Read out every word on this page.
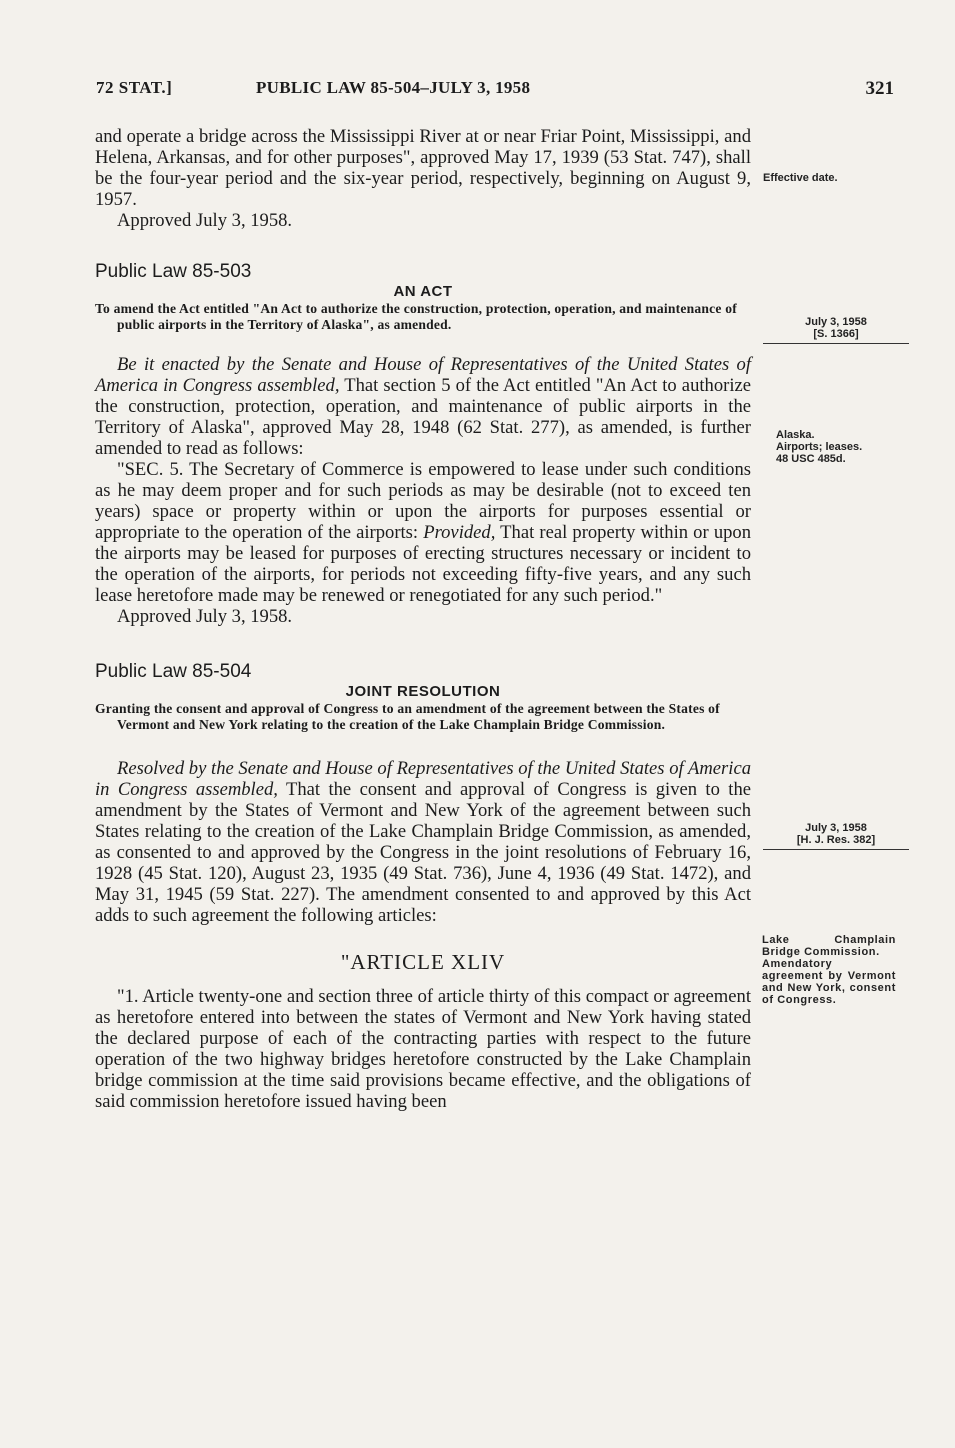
72 STAT.]	PUBLIC LAW 85-504–JULY 3, 1958	321

and operate a bridge across the Mississippi River at or near Friar Point, Mississippi, and Helena, Arkansas, and for other purposes", approved May 17, 1939 (53 Stat. 747), shall be the four-year period and the six-year period, respectively, beginning on August 9, 1957.

Approved July 3, 1958.

Public Law 85-503

AN ACT

To amend the Act entitled "An Act to authorize the construction, protection, operation, and maintenance of public airports in the Territory of Alaska", as amended.

Be it enacted by the Senate and House of Representatives of the United States of America in Congress assembled, That section 5 of the Act entitled "An Act to authorize the construction, protection, operation, and maintenance of public airports in the Territory of Alaska", approved May 28, 1948 (62 Stat. 277), as amended, is further amended to read as follows:

"SEC. 5. The Secretary of Commerce is empowered to lease under such conditions as he may deem proper and for such periods as may be desirable (not to exceed ten years) space or property within or upon the airports for purposes essential or appropriate to the operation of the airports: Provided, That real property within or upon the airports may be leased for purposes of erecting structures necessary or incident to the operation of the airports, for periods not exceeding fifty-five years, and any such lease heretofore made may be renewed or renegotiated for any such period."

Approved July 3, 1958.

Public Law 85-504

JOINT RESOLUTION

Granting the consent and approval of Congress to an amendment of the agreement between the States of Vermont and New York relating to the creation of the Lake Champlain Bridge Commission.

Resolved by the Senate and House of Representatives of the United States of America in Congress assembled, That the consent and approval of Congress is given to the amendment by the States of Vermont and New York of the agreement between such States relating to the creation of the Lake Champlain Bridge Commission, as amended, as consented to and approved by the Congress in the joint resolutions of February 16, 1928 (45 Stat. 120), August 23, 1935 (49 Stat. 736), June 4, 1936 (49 Stat. 1472), and May 31, 1945 (59 Stat. 227). The amendment consented to and approved by this Act adds to such agreement the following articles:

"ARTICLE XLIV

"1. Article twenty-one and section three of article thirty of this compact or agreement as heretofore entered into between the states of Vermont and New York having stated the declared purpose of each of the contracting parties with respect to the future operation of the two highway bridges heretofore constructed by the Lake Champlain bridge commission at the time said provisions became effective, and the obligations of said commission heretofore issued having been

Effective date.
July 3, 1958
[S. 1366]
Alaska.
Airports; leases.
48 USC 485d.
July 3, 1958
[H. J. Res. 382]
Lake Champlain Bridge Commission.
Amendatory agreement by Vermont and New York, consent of Congress.
